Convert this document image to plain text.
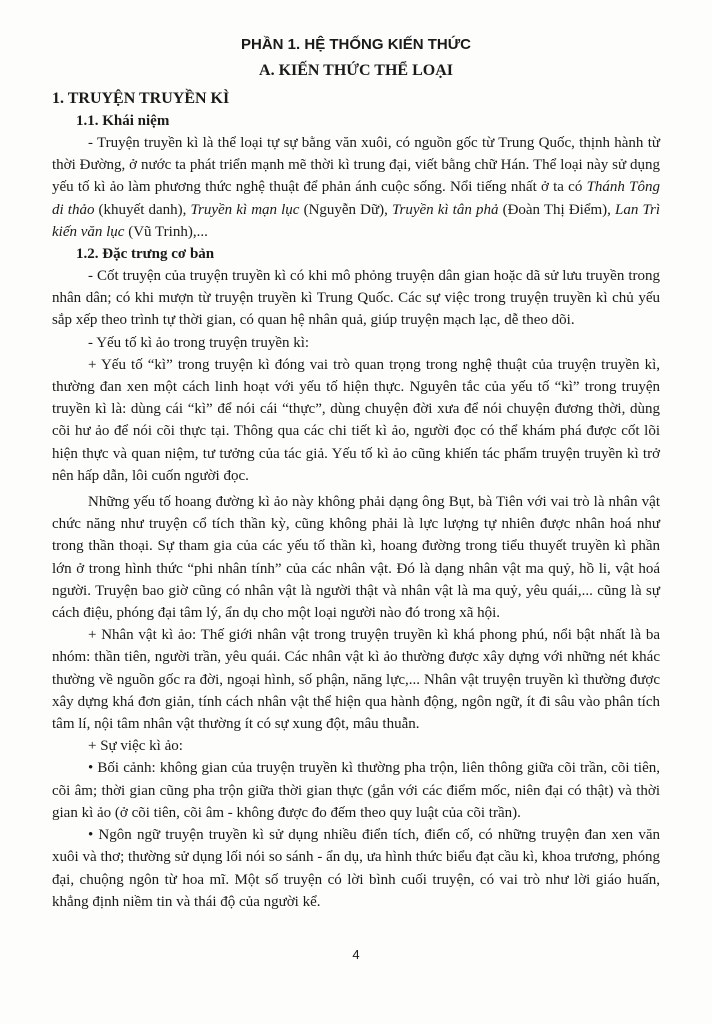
PHẦN 1. HỆ THỐNG KIẾN THỨC
A. KIẾN THỨC THỂ LOẠI
1. TRUYỆN TRUYỀN KÌ
1.1. Khái niệm

- Truyện truyền kì là thể loại tự sự bằng văn xuôi, có nguồn gốc từ Trung Quốc, thịnh hành từ thời Đường, ở nước ta phát triển mạnh mẽ thời kì trung đại, viết bằng chữ Hán. Thể loại này sử dụng yếu tố kì ảo làm phương thức nghệ thuật để phản ánh cuộc sống. Nổi tiếng nhất ở ta có Thánh Tông di thảo (khuyết danh), Truyền kì mạn lục (Nguyễn Dữ), Truyền kì tân phả (Đoàn Thị Điểm), Lan Trì kiến văn lục (Vũ Trinh),...

1.2. Đặc trưng cơ bản

- Cốt truyện của truyện truyền kì có khi mô phỏng truyện dân gian hoặc dã sử lưu truyền trong nhân dân; có khi mượn từ truyện truyền kì Trung Quốc. Các sự việc trong truyện truyền kì chủ yếu sắp xếp theo trình tự thời gian, có quan hệ nhân quả, giúp truyện mạch lạc, dễ theo dõi.

- Yếu tố kì ảo trong truyện truyền kì:

+ Yếu tố “kì” trong truyện kì đóng vai trò quan trọng trong nghệ thuật của truyện truyền kì, thường đan xen một cách linh hoạt với yếu tố hiện thực. Nguyên tắc của yếu tố “kì” trong truyện truyền kì là: dùng cái “kì” để nói cái “thực”, dùng chuyện đời xưa để nói chuyện đương thời, dùng cõi hư ảo để nói cõi thực tại. Thông qua các chi tiết kì ảo, người đọc có thể khám phá được cốt lõi hiện thực và quan niệm, tư tưởng của tác giả. Yếu tố kì ảo cũng khiến tác phẩm truyện truyền kì trở nên hấp dẫn, lôi cuốn người đọc.

Những yếu tố hoang đường kì ảo này không phải dạng ông Bụt, bà Tiên với vai trò là nhân vật chức năng như truyện cổ tích thần kỳ, cũng không phải là lực lượng tự nhiên được nhân hoá như trong thần thoại. Sự tham gia của các yếu tố thần kì, hoang đường trong tiểu thuyết truyền kì phần lớn ở trong hình thức “phi nhân tính” của các nhân vật. Đó là dạng nhân vật ma quỷ, hồ li, vật hoá người. Truyện bao giờ cũng có nhân vật là người thật và nhân vật là ma quỷ, yêu quái,... cũng là sự cách điệu, phóng đại tâm lý, ẩn dụ cho một loại người nào đó trong xã hội.

+ Nhân vật kì ảo: Thế giới nhân vật trong truyện truyền kì khá phong phú, nổi bật nhất là ba nhóm: thần tiên, người trần, yêu quái. Các nhân vật kì ảo thường được xây dựng với những nét khác thường về nguồn gốc ra đời, ngoại hình, số phận, năng lực,... Nhân vật truyện truyền kì thường được xây dựng khá đơn giản, tính cách nhân vật thể hiện qua hành động, ngôn ngữ, ít đi sâu vào phân tích tâm lí, nội tâm nhân vật thường ít có sự xung đột, mâu thuẫn.

+ Sự việc kì ảo:

• Bối cảnh: không gian của truyện truyền kì thường pha trộn, liên thông giữa cõi trần, cõi tiên, cõi âm; thời gian cũng pha trộn giữa thời gian thực (gắn với các điểm mốc, niên đại có thật) và thời gian kì ảo (ở cõi tiên, cõi âm - không được đo đếm theo quy luật của cõi trần).

• Ngôn ngữ truyện truyền kì sử dụng nhiều điển tích, điển cố, có những truyện đan xen văn xuôi và thơ; thường sử dụng lối nói so sánh - ẩn dụ, ưa hình thức biểu đạt cầu kì, khoa trương, phóng đại, chuộng ngôn từ hoa mĩ. Một số truyện có lời bình cuối truyện, có vai trò như lời giáo huấn, khẳng định niềm tin và thái độ của người kể.

4
